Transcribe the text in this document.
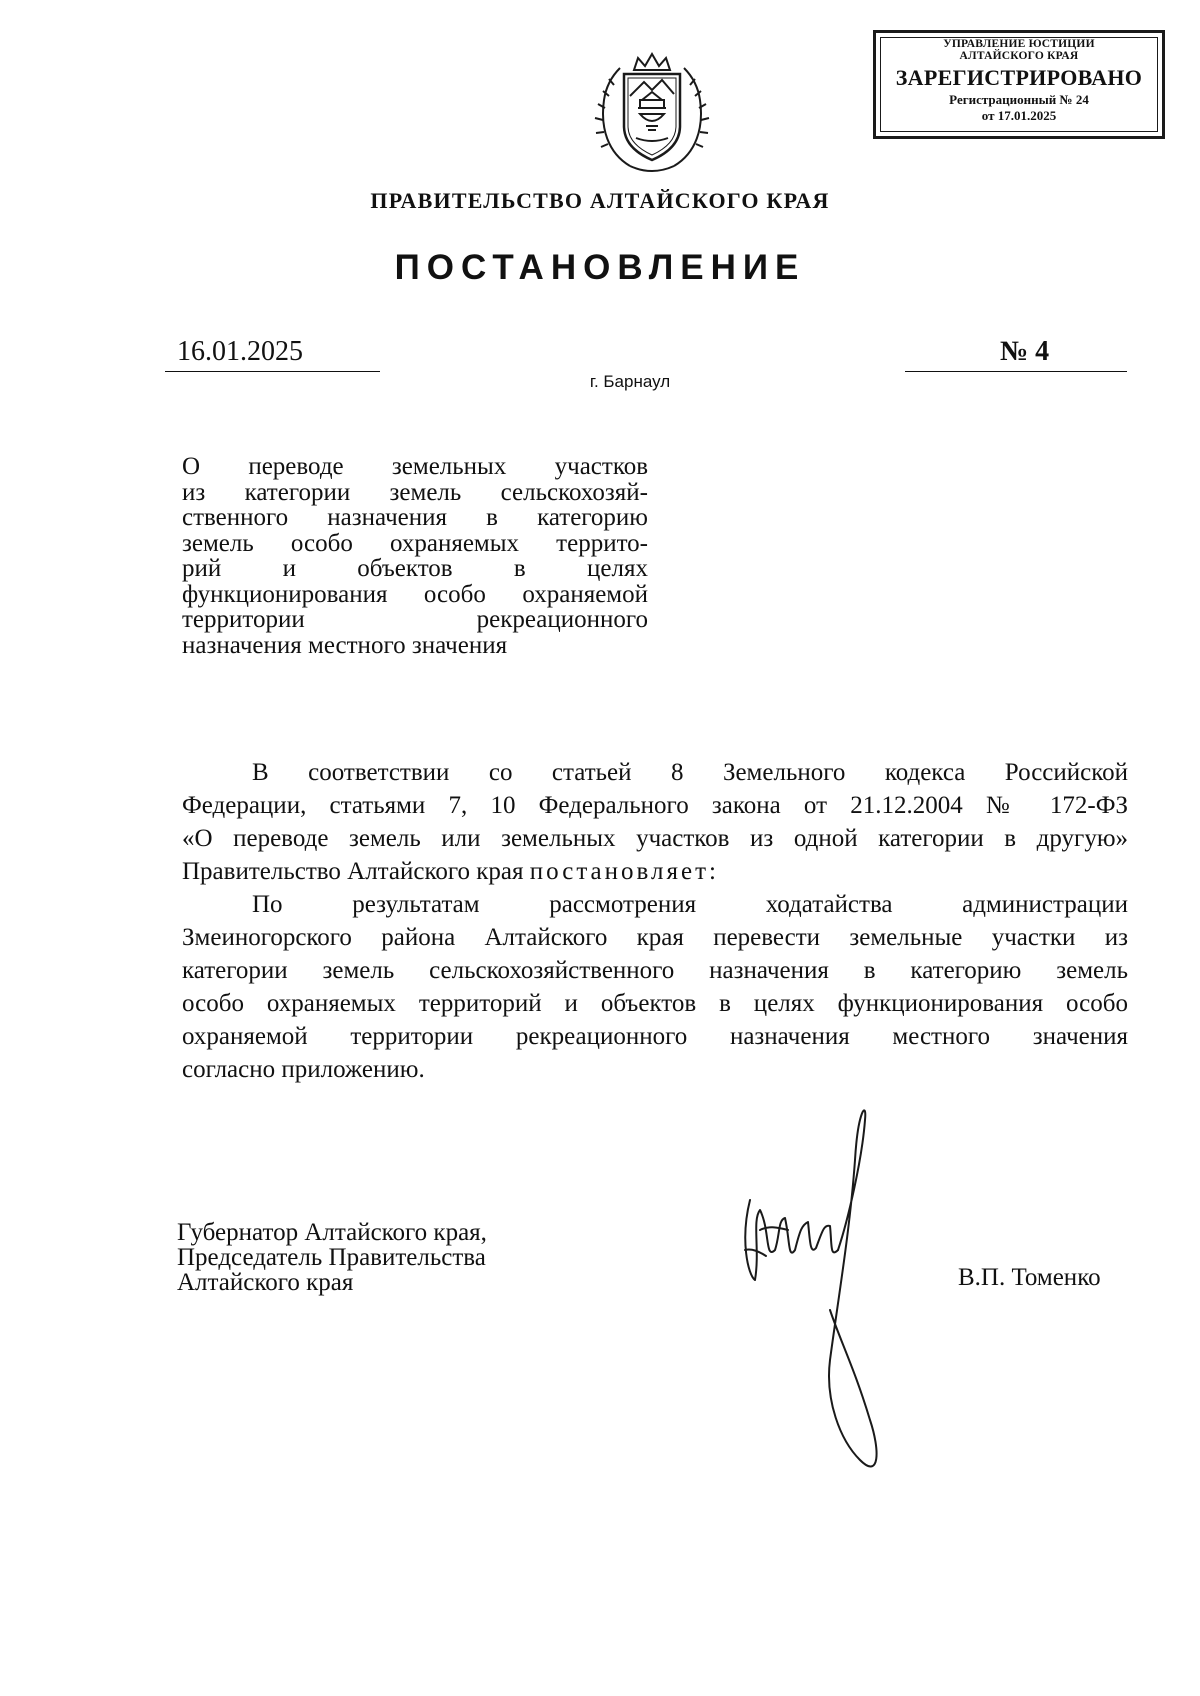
УПРАВЛЕНИЕ ЮСТИЦИИ
АЛТАЙСКОГО КРАЯ
ЗАРЕГИСТРИРОВАНО
Регистрационный № 24
от 17.01.2025
ПРАВИТЕЛЬСТВО АЛТАЙСКОГО КРАЯ
ПОСТАНОВЛЕНИЕ
16.01.2025	№ 4
г. Барнаул
О переводе земельных участков
из категории земель сельскохозяй-
ственного назначения в категорию
земель особо охраняемых террито-
рий и объектов в целях
функционирования особо охраняемой
территории рекреационного
назначения местного значения
В соответствии со статьей 8 Земельного кодекса Российской
Федерации, статьями 7, 10 Федерального закона от 21.12.2004 № 172-ФЗ
«О переводе земель или земельных участков из одной категории в другую»
Правительство Алтайского края постановляет:
По результатам рассмотрения ходатайства администрации
Змеиногорского района Алтайского края перевести земельные участки из
категории земель сельскохозяйственного назначения в категорию земель
особо охраняемых территорий и объектов в целях функционирования особо
охраняемой территории рекреационного назначения местного значения
согласно приложению.
Губернатор Алтайского края,
Председатель Правительства
Алтайского края	В.П. Томенко
